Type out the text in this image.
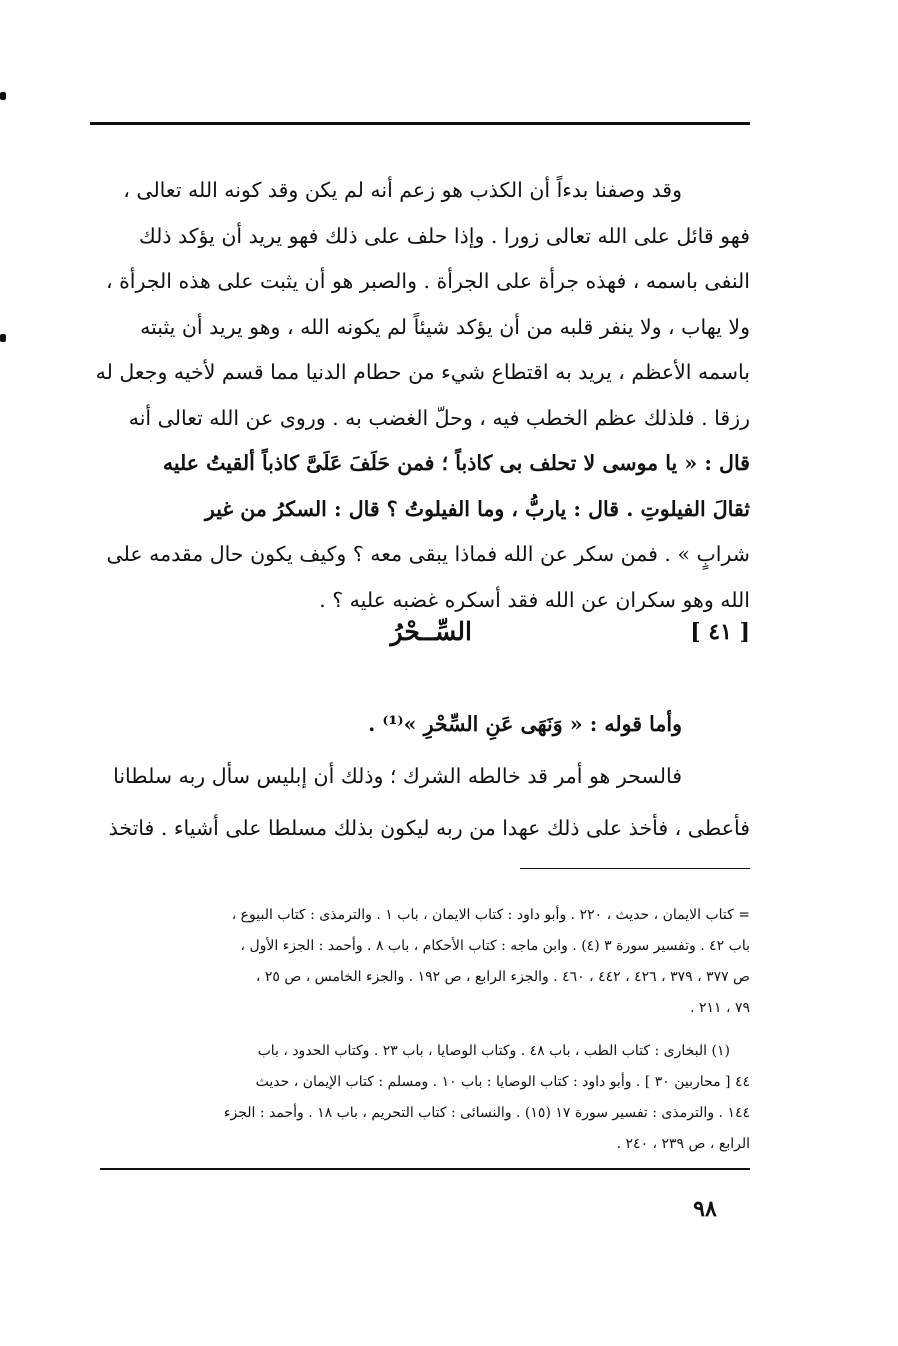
وقد وصفنا بدءاً أن الكذب هو زعم أنه لم يكن وقد كونه الله تعالى ،
فهو قائل على الله تعالى زورا . وإذا حلف على ذلك فهو يريد أن يؤكد ذلك
النفى باسمه ، فهذه جرأة على الجرأة . والصبر هو أن يثبت على هذه الجرأة ،
ولا يهاب ، ولا ينفر قلبه من أن يؤكد شيئاً لم يكونه الله ، وهو يريد أن يثبته
باسمه الأعظم ، يريد به اقتطاع شيء من حطام الدنيا مما قسم لأخيه وجعل له
رزقا . فلذلك عظم الخطب فيه ، وحلّ الغضب به . وروى عن الله تعالى أنه
قال : « يا موسى لا تحلف بى كاذباً ؛ فمن حَلَفَ عَلَىَّ كاذباً ألقيتُ عليه
ثقالَ الفيلوتِ . قال : ياربُّ ، وما الفيلوتُ ؟ قال : السكرُ من غير
شرابٍ » . فمن سكر عن الله فماذا يبقى معه ؟ وكيف يكون حال مقدمه على
الله وهو سكران عن الله فقد أسكره غضبه عليه ؟ .
[ ٤١ ]
السِّــحْرُ
وأما قوله : « وَنَهَى عَنِ السِّحْرِ »⁽¹⁾ .
فالسحر هو أمر قد خالطه الشرك ؛ وذلك أن إبليس سأل ربه سلطانا
فأعطى ، فأخذ على ذلك عهدا من ربه ليكون بذلك مسلطا على أشياء . فاتخذ
= كتاب الايمان ، حديث ، ٢٢٠ . وأبو داود : كتاب الايمان ، باب ١ . والترمذى : كتاب البيوع ،
باب ٤٢ . وتفسير سورة ٣ (٤) . وابن ماجه : كتاب الأحكام ، باب ٨ . وأحمد : الجزء الأول ،
ص ٣٧٧ ، ٣٧٩ ، ٤٢٦ ، ٤٤٢ ، ٤٦٠ . والجزء الرابع ، ص ١٩٢ . والجزء الخامس ، ص ٢٥ ،
٧٩ ، ٢١١ .
(١) البخارى : كتاب الطب ، باب ٤٨ . وكتاب الوصايا ، باب ٢٣ . وكتاب الحدود ، باب
٤٤ [ محاربين ٣٠ ] . وأبو داود : كتاب الوصايا : باب ١٠ . ومسلم : كتاب الإيمان ، حديث
١٤٤ . والترمذى : تفسير سورة ١٧ (١٥) . والنسائى : كتاب التحريم ، باب ١٨ . وأحمد : الجزء
الرابع ، ص ٢٣٩ ، ٢٤٠ .
٩٨
